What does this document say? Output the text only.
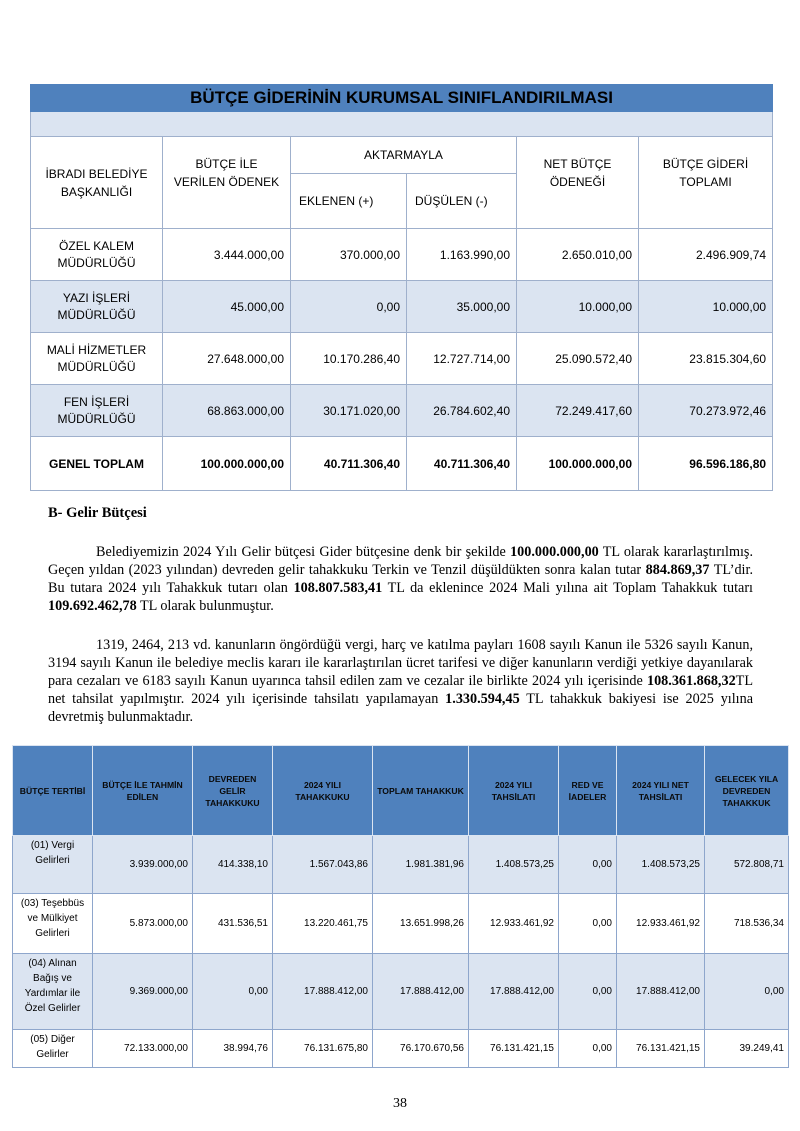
BÜTÇE GİDERİNİN KURUMSAL SINIFLANDIRILMASI					

İBRADI BELEDİYE BAŞKANLIĞI	BÜTÇE İLE VERİLEN ÖDENEK	AKTARMAYLA		NET BÜTÇE ÖDENEĞİ	BÜTÇE GİDERİ TOPLAMI
		EKLENEN (+)	DÜŞÜLEN (-)		
ÖZEL KALEM MÜDÜRLÜĞÜ	3.444.000,00	370.000,00	1.163.990,00	2.650.010,00	2.496.909,74
YAZI İŞLERİ MÜDÜRLÜĞÜ	45.000,00	0,00	35.000,00	10.000,00	10.000,00
MALİ HİZMETLER MÜDÜRLÜĞÜ	27.648.000,00	10.170.286,40	12.727.714,00	25.090.572,40	23.815.304,60
FEN İŞLERİ MÜDÜRLÜĞÜ	68.863.000,00	30.171.020,00	26.784.602,40	72.249.417,60	70.273.972,46
GENEL TOPLAM	100.000.000,00	40.711.306,40	40.711.306,40	100.000.000,00	96.596.186,80
B- Gelir Bütçesi

Belediyemizin 2024 Yılı Gelir bütçesi Gider bütçesine denk bir şekilde 100.000.000,00 TL olarak kararlaştırılmış. Geçen yıldan (2023 yılından) devreden gelir tahakkuku Terkin ve Tenzil düşüldükten sonra kalan tutar 884.869,37 TL’dir. Bu tutara 2024 yılı Tahakkuk tutarı olan 108.807.583,41 TL da eklenince 2024 Mali yılına ait Toplam Tahakkuk tutarı 109.692.462,78 TL olarak bulunmuştur.

1319, 2464, 213 vd. kanunların öngördüğü vergi, harç ve katılma payları 1608 sayılı Kanun ile 5326 sayılı Kanun, 3194 sayılı Kanun ile belediye meclis kararı ile kararlaştırılan ücret tarifesi ve diğer kanunların verdiği yetkiye dayanılarak para cezaları ve 6183 sayılı Kanun uyarınca tahsil edilen zam ve cezalar ile birlikte 2024 yılı içerisinde 108.361.868,32TL net tahsilat yapılmıştır. 2024 yılı içerisinde tahsilatı yapılamayan 1.330.594,45 TL tahakkuk bakiyesi ise 2025 yılına devretmiş bulunmaktadır.

BÜTÇE TERTİBİ	BÜTÇE İLE TAHMİN EDİLEN	DEVREDEN GELİR TAHAKKUKU	2024 YILI TAHAKKUKU	TOPLAM TAHAKKUK	2024 YILI TAHSİLATI	RED VE İADELER	2024 YILI NET TAHSİLATI	GELECEK YILA DEVREDEN TAHAKKUK
(01) Vergi Gelirleri	3.939.000,00	414.338,10	1.567.043,86	1.981.381,96	1.408.573,25	0,00	1.408.573,25	572.808,71
(03) Teşebbüs ve Mülkiyet Gelirleri	5.873.000,00	431.536,51	13.220.461,75	13.651.998,26	12.933.461,92	0,00	12.933.461,92	718.536,34
(04) Alınan Bağış ve Yardımlar ile Özel Gelirler	9.369.000,00	0,00	17.888.412,00	17.888.412,00	17.888.412,00	0,00	17.888.412,00	0,00
(05) Diğer Gelirler	72.133.000,00	38.994,76	76.131.675,80	76.170.670,56	76.131.421,15	0,00	76.131.421,15	39.249,41
38
